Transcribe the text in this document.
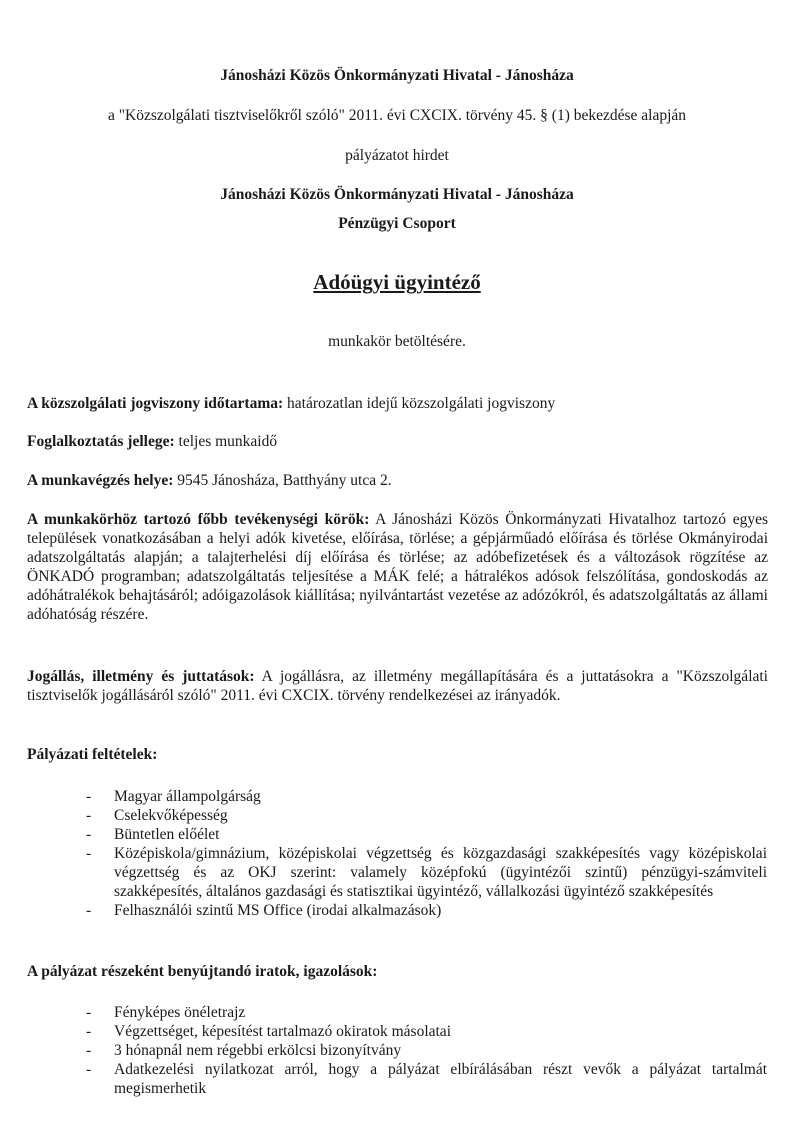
Jánosházi Közös Önkormányzati Hivatal - Jánosháza
a "Közszolgálati tisztviselőkről szóló" 2011. évi CXCIX. törvény 45. § (1) bekezdése alapján
pályázatot hirdet
Jánosházi Közös Önkormányzati Hivatal - Jánosháza
Pénzügyi Csoport
Adóügyi ügyintéző
munkakör betöltésére.
A közszolgálati jogviszony időtartama: határozatlan idejű közszolgálati jogviszony
Foglalkoztatás jellege: teljes munkaidő
A munkavégzés helye: 9545 Jánosháza, Batthyány utca 2.
A munkakörhöz tartozó főbb tevékenységi körök: A Jánosházi Közös Önkormányzati Hivatalhoz tartozó egyes települések vonatkozásában a helyi adók kivetése, előírása, törlése; a gépjárműadó előírása és törlése Okmányirodai adatszolgáltatás alapján; a talajterhelési díj előírása és törlése; az adóbefizetések és a változások rögzítése az ÖNKADÓ programban; adatszolgáltatás teljesítése a MÁK felé; a hátralékos adósok felszólítása, gondoskodás az adóhátralékok behajtásáról; adóigazolások kiállítása; nyilvántartást vezetése az adózókról, és adatszolgáltatás az állami adóhatóság részére.
Jogállás, illetmény és juttatások: A jogállásra, az illetmény megállapítására és a juttatásokra a "Közszolgálati tisztviselők jogállásáról szóló" 2011. évi CXCIX. törvény rendelkezései az irányadók.
Pályázati feltételek:
- Magyar állampolgárság
- Cselekvőképesség
- Büntetlen előélet
- Középiskola/gimnázium, középiskolai végzettség és közgazdasági szakképesítés vagy középiskolai végzettség és az OKJ szerint: valamely középfokú (ügyintézői szintű) pénzügyi-számviteli szakképesítés, általános gazdasági és statisztikai ügyintéző, vállalkozási ügyintéző szakképesítés
- Felhasználói szintű MS Office (irodai alkalmazások)
A pályázat részeként benyújtandó iratok, igazolások:
- Fényképes önéletrajz
- Végzettséget, képesítést tartalmazó okiratok másolatai
- 3 hónapnál nem régebbi erkölcsi bizonyítvány
- Adatkezelési nyilatkozat arról, hogy a pályázat elbírálásában részt vevők a pályázat tartalmát megismerhetik
